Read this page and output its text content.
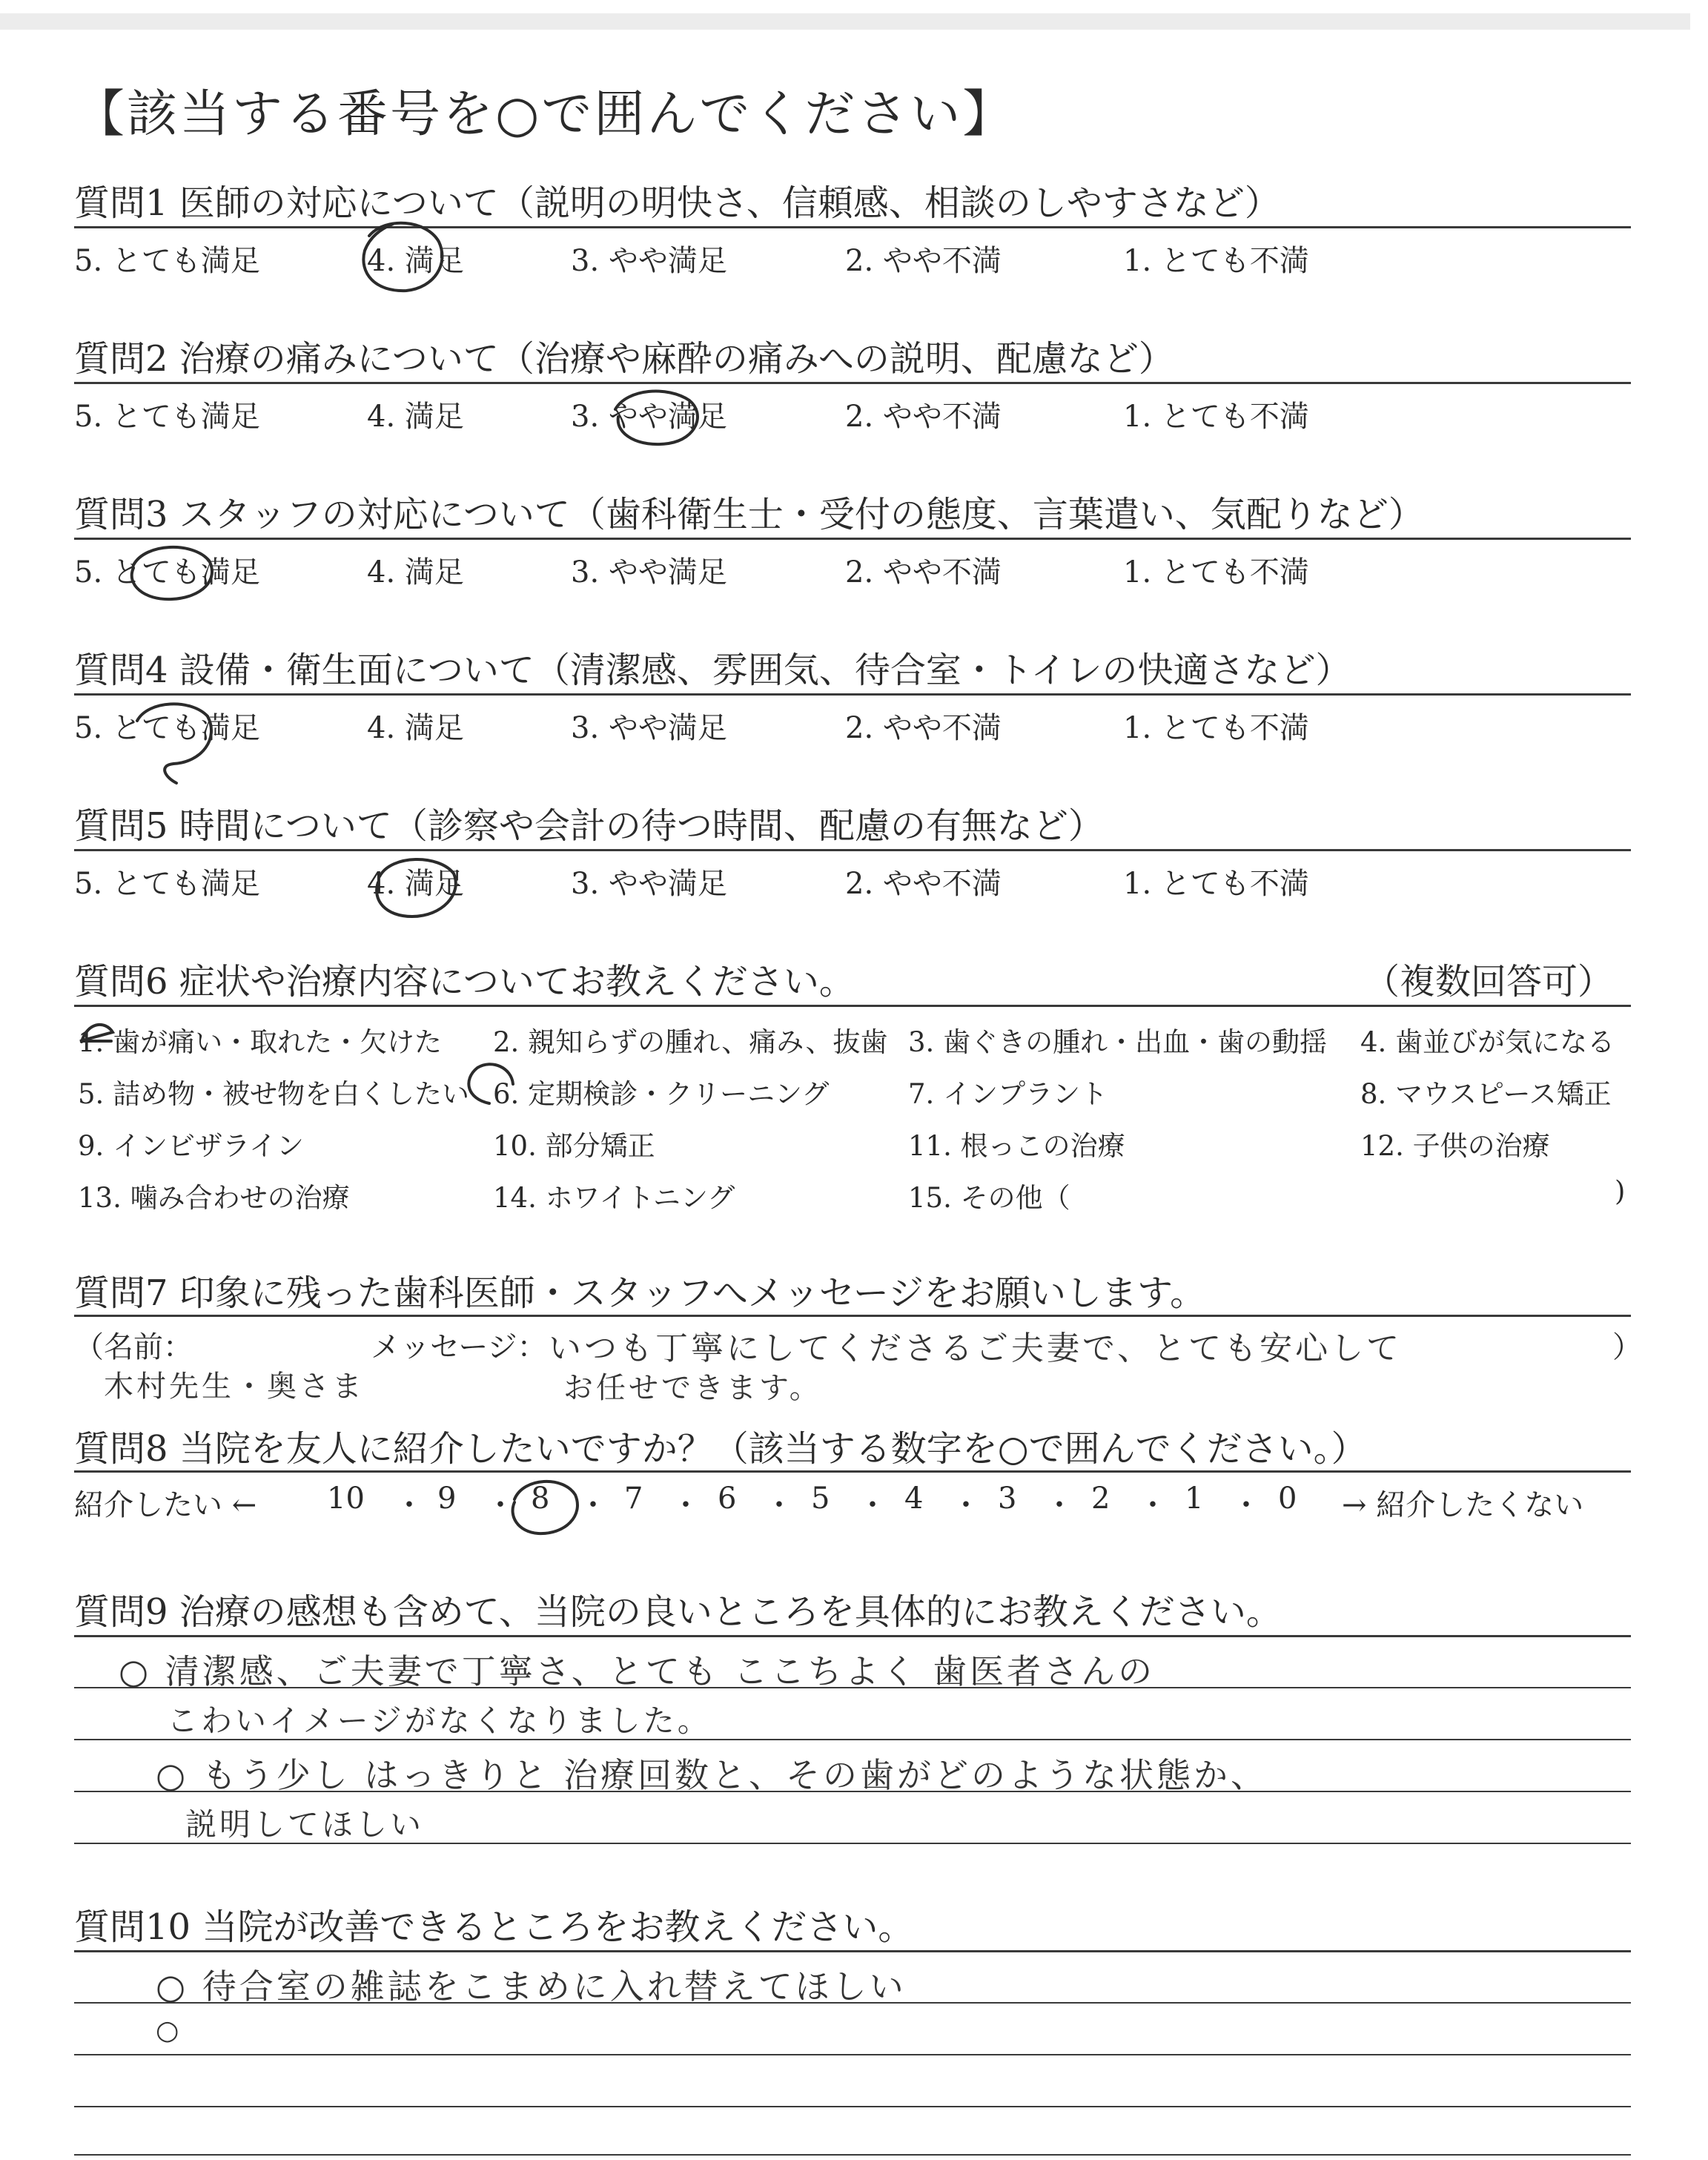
【該当する番号を○で囲んでください】
質問1 医師の対応について（説明の明快さ、信頼感、相談のしやすさなど）
5. とても満足	4. 満足	3. やや満足	2. やや不満	1. とても不満
質問2 治療の痛みについて（治療や麻酔の痛みへの説明、配慮など）
5. とても満足	4. 満足	3. やや満足	2. やや不満	1. とても不満
質問3 スタッフの対応について（歯科衛生士・受付の態度、言葉遣い、気配りなど）
5. とても満足	4. 満足	3. やや満足	2. やや不満	1. とても不満
質問4 設備・衛生面について（清潔感、雰囲気、待合室・トイレの快適さなど）
5. とても満足	4. 満足	3. やや満足	2. やや不満	1. とても不満
質問5 時間について（診察や会計の待つ時間、配慮の有無など）
5. とても満足	4. 満足	3. やや満足	2. やや不満	1. とても不満
質問6 症状や治療内容についてお教えください。	（複数回答可）
1. 歯が痛い・取れた・欠けた 2. 親知らずの腫れ、痛み、抜歯 3. 歯ぐきの腫れ・出血・歯の動揺 4. 歯並びが気になる
5. 詰め物・被せ物を白くしたい 6. 定期検診・クリーニング	7. インプラント	8. マウスピース矯正
9. インビザライン	10. 部分矯正	11. 根っこの治療	12. 子供の治療
13. 噛み合わせの治療	14. ホワイトニング	15. その他（	)
質問7 印象に残った歯科医師・スタッフへメッセージをお願いします。
（名前：	メッセージ：	）
木村先生・奥さま
いつも丁寧にしてくださるご夫妻で、とても安心して
お任せできます。
質問8 当院を友人に紹介したいですか？（該当する数字を○で囲んでください。）
紹介したい ←	→ 紹介したくない
10 ・ 9 ・ 8 ・ 7 ・ 6 ・ 5 ・ 4 ・ 3 ・ 2 ・ 1 ・ 0
質問9 治療の感想も含めて、当院の良いところを具体的にお教えください。
○ 清潔感、ご夫妻で丁寧さ、とても ここちよく 歯医者さんの
こわいイメージがなくなりました。
○ もう少し はっきりと 治療回数と、その歯がどのような状態か、
説明してほしい
質問10 当院が改善できるところをお教えください。
○ 待合室の雑誌をこまめに入れ替えてほしい
○
